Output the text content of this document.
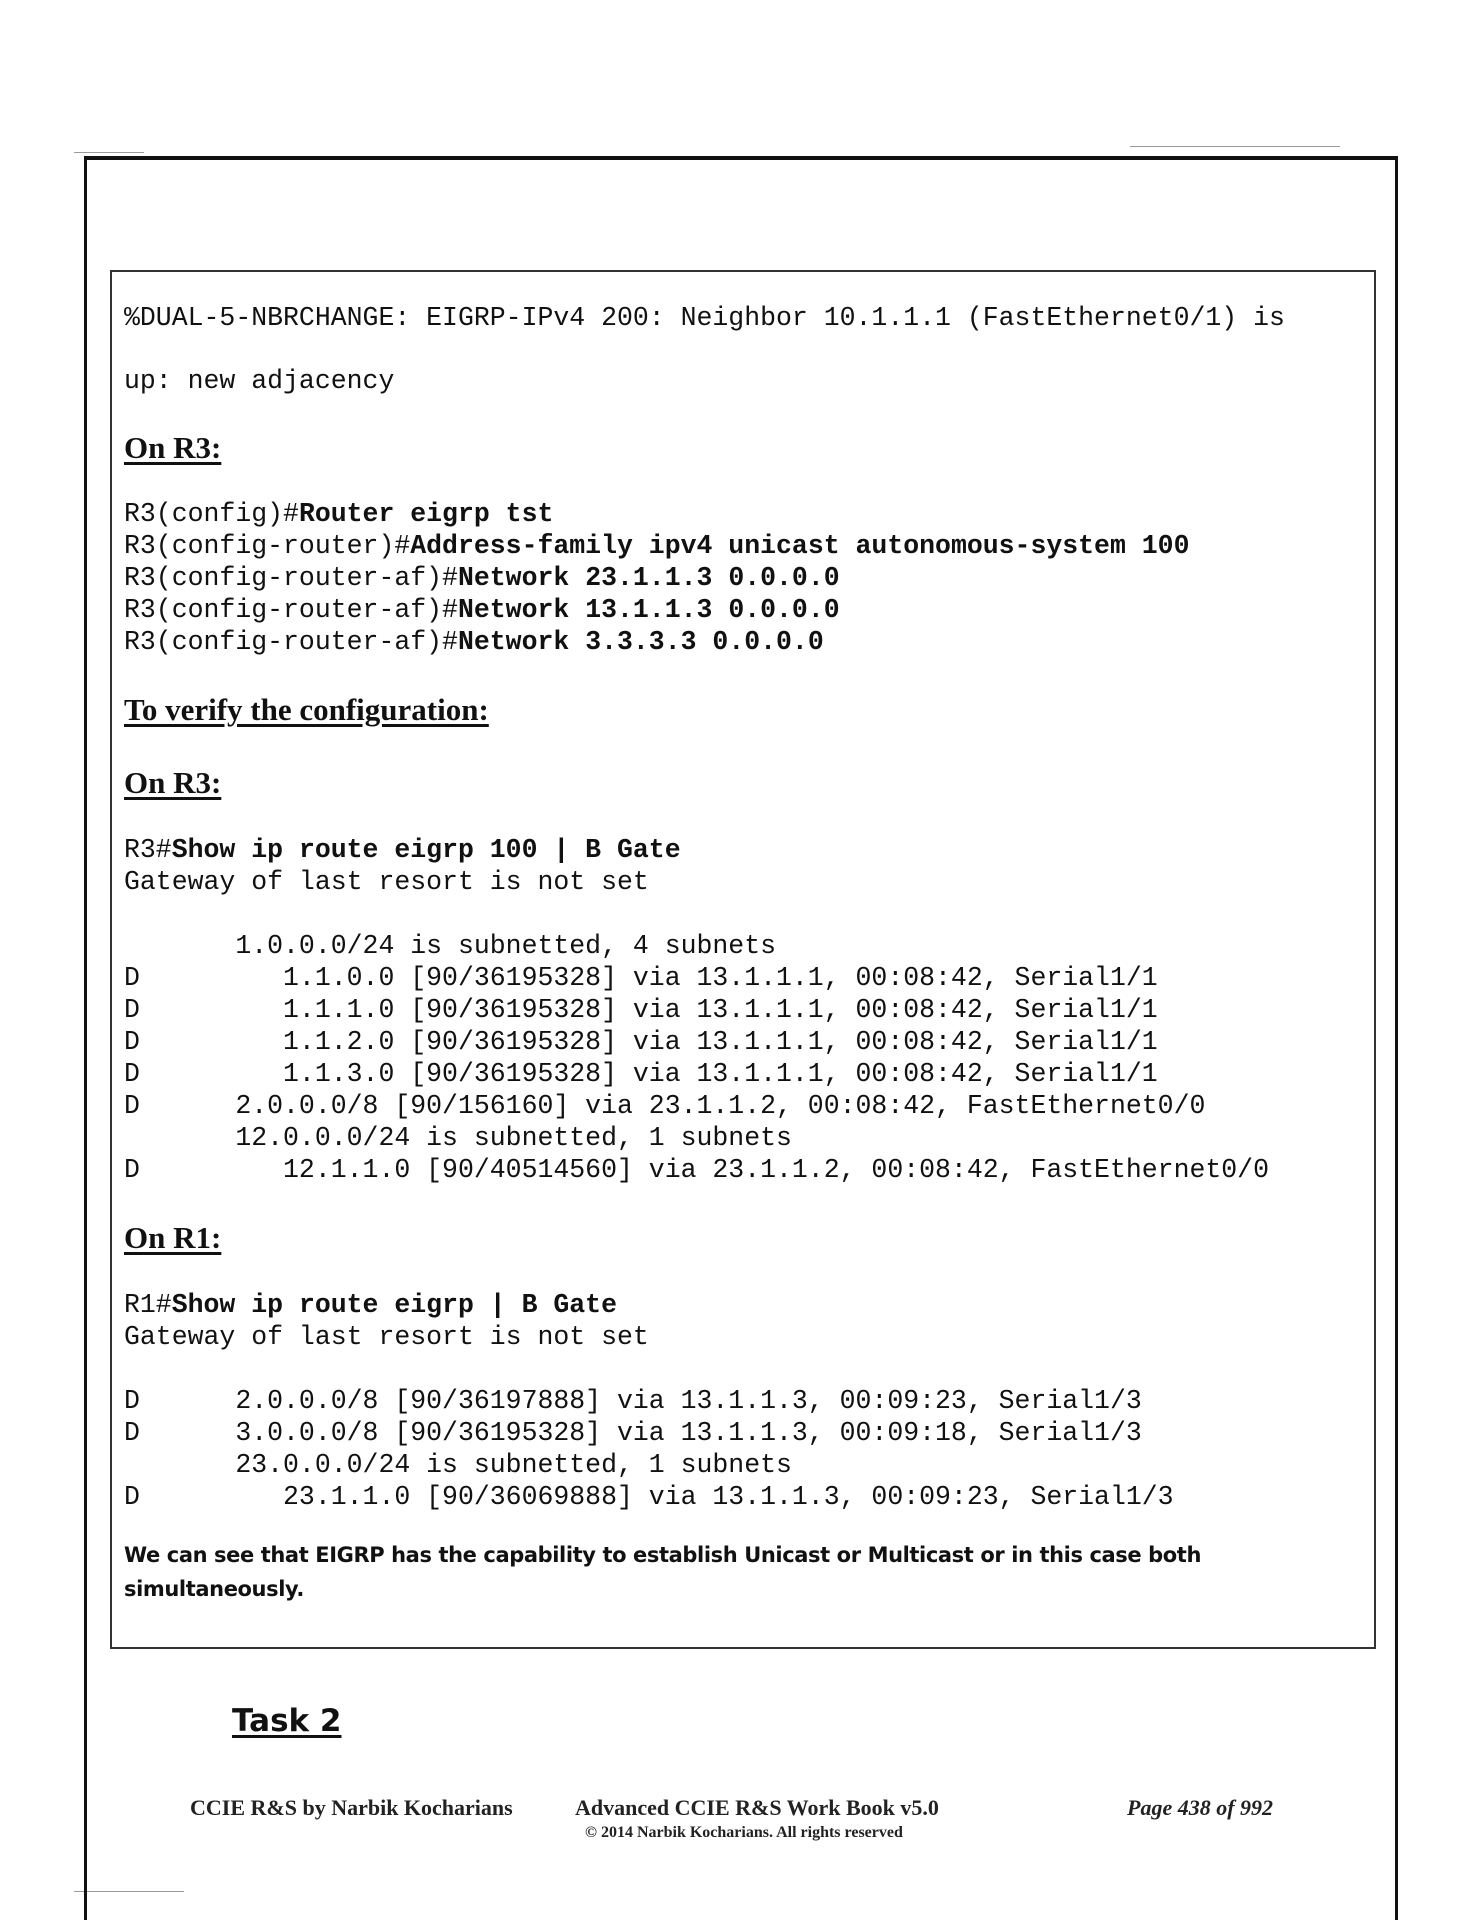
%DUAL-5-NBRCHANGE: EIGRP-IPv4 200: Neighbor 10.1.1.1 (FastEthernet0/1) is

up: new adjacency

On R3:

R3(config)#Router eigrp tst

R3(config-router)#Address-family ipv4 unicast autonomous-system 100

R3(config-router-af)#Network 23.1.1.3 0.0.0.0

R3(config-router-af)#Network 13.1.1.3 0.0.0.0

R3(config-router-af)#Network 3.3.3.3 0.0.0.0

To verify the configuration:

On R3:

R3#Show ip route eigrp 100 | B Gate

Gateway of last resort is not set

1.0.0.0/24 is subnetted, 4 subnets

D         1.1.0.0 [90/36195328] via 13.1.1.1, 00:08:42, Serial1/1

D         1.1.1.0 [90/36195328] via 13.1.1.1, 00:08:42, Serial1/1

D         1.1.2.0 [90/36195328] via 13.1.1.1, 00:08:42, Serial1/1

D         1.1.3.0 [90/36195328] via 13.1.1.1, 00:08:42, Serial1/1

D      2.0.0.0/8 [90/156160] via 23.1.1.2, 00:08:42, FastEthernet0/0

12.0.0.0/24 is subnetted, 1 subnets

D         12.1.1.0 [90/40514560] via 23.1.1.2, 00:08:42, FastEthernet0/0

On R1:

R1#Show ip route eigrp | B Gate

Gateway of last resort is not set

D      2.0.0.0/8 [90/36197888] via 13.1.1.3, 00:09:23, Serial1/3

D      3.0.0.0/8 [90/36195328] via 13.1.1.3, 00:09:18, Serial1/3

23.0.0.0/24 is subnetted, 1 subnets

D         23.1.1.0 [90/36069888] via 13.1.1.3, 00:09:23, Serial1/3

We can see that EIGRP has the capability to establish Unicast or Multicast or in this case both simultaneously.

Task 2

CCIE R&S by Narbik Kocharians	Advanced CCIE R&S Work Book v5.0
© 2014 Narbik Kocharians. All rights reserved
Page 438 of 992
